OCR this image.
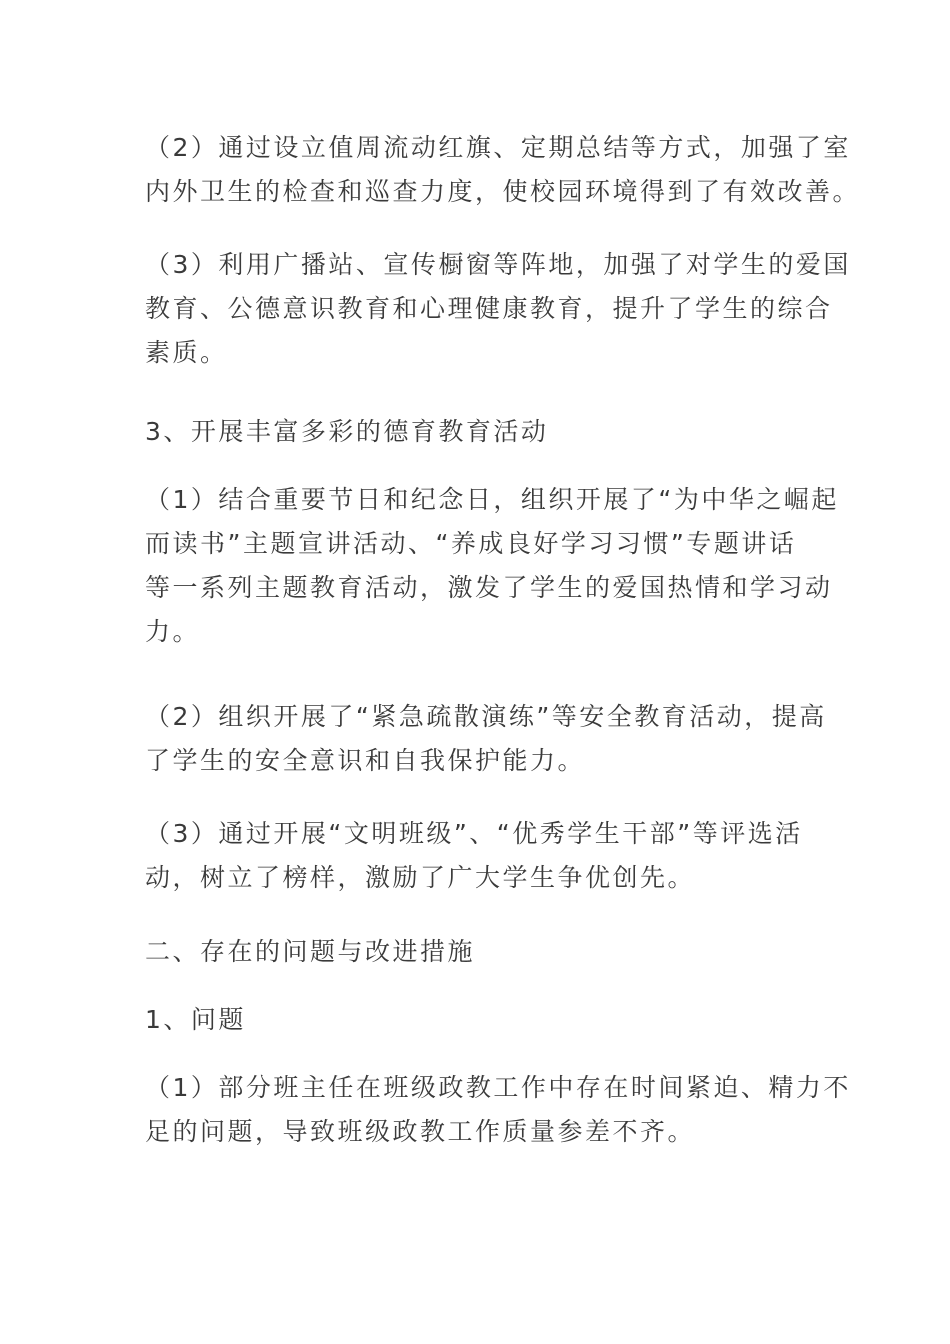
（2）通过设立值周流动红旗、定期总结等方式，加强了室
内外卫生的检查和巡查力度，使校园环境得到了有效改善。
（3）利用广播站、宣传橱窗等阵地，加强了对学生的爱国
教育、公德意识教育和心理健康教育，提升了学生的综合
素质。
3、开展丰富多彩的德育教育活动
（1）结合重要节日和纪念日，组织开展了“为中华之崛起
而读书”主题宣讲活动、“养成良好学习习惯”专题讲话
等一系列主题教育活动，激发了学生的爱国热情和学习动
力。
（2）组织开展了“紧急疏散演练”等安全教育活动，提高
了学生的安全意识和自我保护能力。
（3）通过开展“文明班级”、“优秀学生干部”等评选活
动，树立了榜样，激励了广大学生争优创先。
二、存在的问题与改进措施
1、问题
（1）部分班主任在班级政教工作中存在时间紧迫、精力不
足的问题，导致班级政教工作质量参差不齐。
